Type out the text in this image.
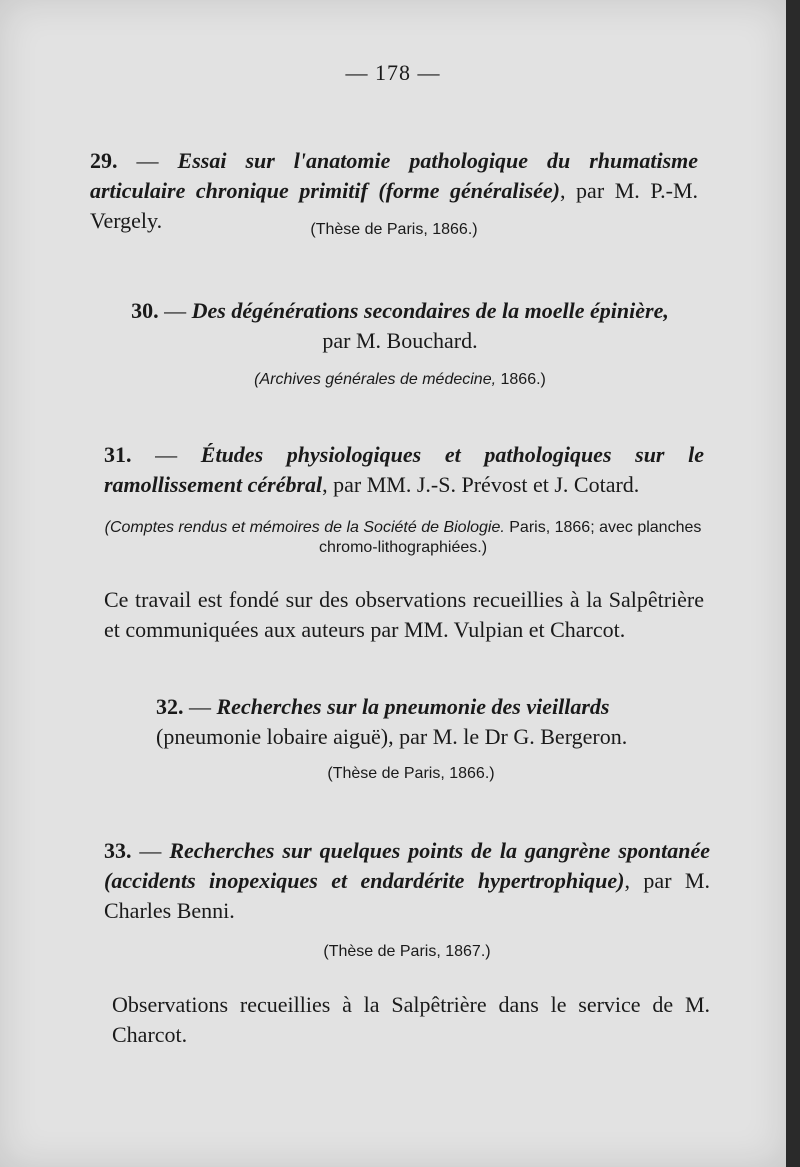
— 178 —
29. — Essai sur l'anatomie pathologique du rhumatisme articulaire chronique primitif (forme généralisée), par M. P.-M. Vergely.	(Thèse de Paris, 1866.)
30. — Des dégénérations secondaires de la moelle épinière,
par M. Bouchard.
(Archives générales de médecine, 1866.)
31. — Études physiologiques et pathologiques sur le ramollissement cérébral, par MM. J.-S. Prévost et J. Cotard.
(Comptes rendus et mémoires de la Société de Biologie. Paris, 1866; avec planches chromo-lithographiées.)
Ce travail est fondé sur des observations recueillies à la Salpêtrière et communiquées aux auteurs par MM. Vulpian et Charcot.
32. — Recherches sur la pneumonie des vieillards (pneumonie lobaire aiguë), par M. le Dr G. Bergeron.
(Thèse de Paris, 1866.)
33. — Recherches sur quelques points de la gangrène spontanée (accidents inopexiques et endardérite hypertrophique), par M. Charles Benni.
(Thèse de Paris, 1867.)
Observations recueillies à la Salpêtrière dans le service de M. Charcot.
